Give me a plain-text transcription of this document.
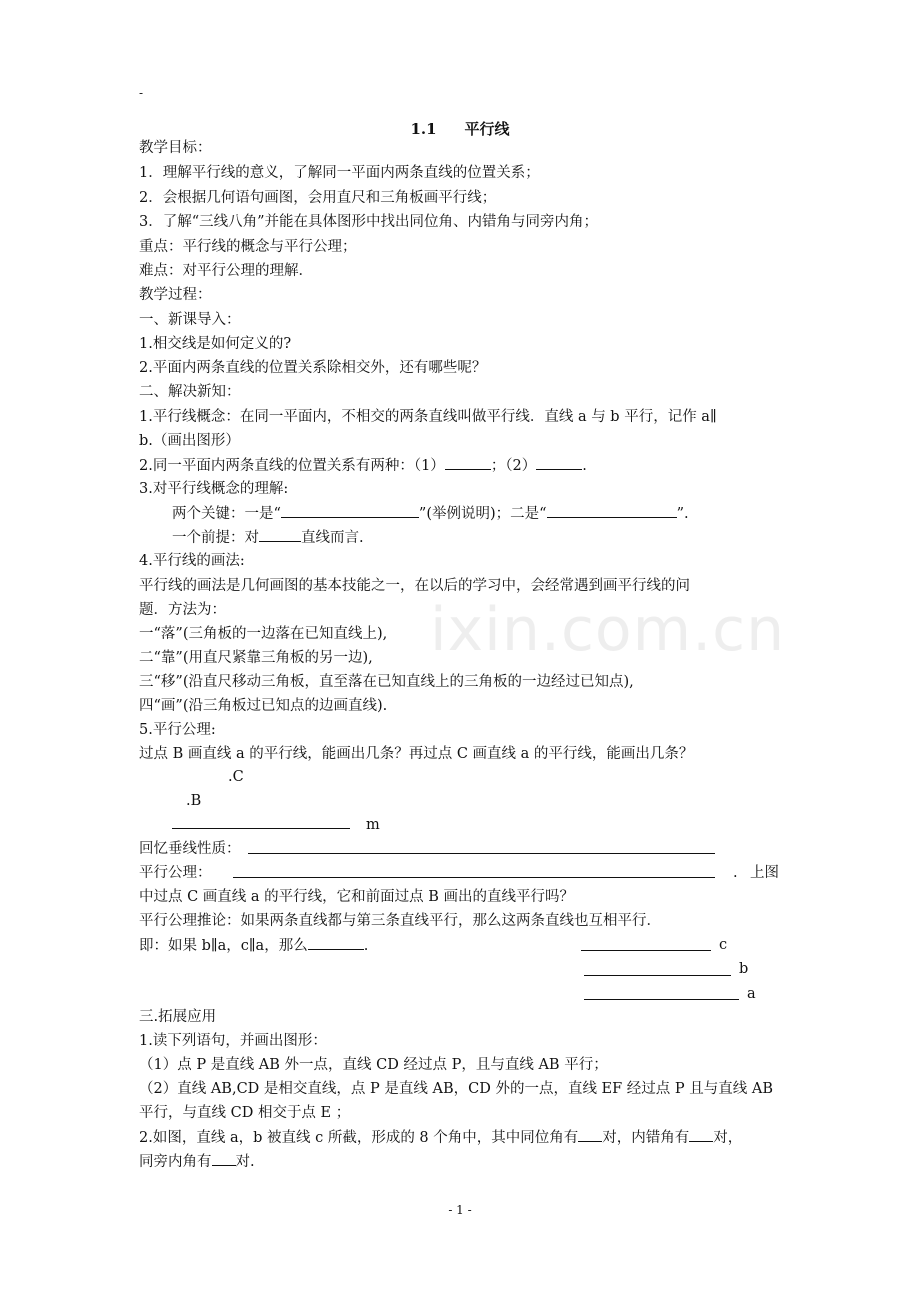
-
ixin.com.cn
1.1 平行线
教学目标：
1．理解平行线的意义，了解同一平面内两条直线的位置关系；
2．会根据几何语句画图，会用直尺和三角板画平行线；
3．了解“三线八角”并能在具体图形中找出同位角、内错角与同旁内角；
重点：平行线的概念与平行公理；
难点：对平行公理的理解．
教学过程：
一、新课导入：
1.相交线是如何定义的?
2.平面内两条直线的位置关系除相交外，还有哪些呢？
二、解决新知：
1.平行线概念：在同一平面内，不相交的两条直线叫做平行线．直线 a 与 b 平行，记作 a∥
b.（画出图形）
2.同一平面内两条直线的位置关系有两种：（1）	；（2）	.
3.对平行线概念的理解:
两个关键：一是“	”(举例说明)；二是“	”.
一个前提：对	直线而言.
4.平行线的画法:
平行线的画法是几何画图的基本技能之一，在以后的学习中，会经常遇到画平行线的问
题．方法为：
一“落”(三角板的一边落在已知直线上),
二“靠”(用直尺紧靠三角板的另一边),
三“移”(沿直尺移动三角板，直至落在已知直线上的三角板的一边经过已知点),
四“画”(沿三角板过已知点的边画直线).
5.平行公理:
过点 B 画直线 a 的平行线，能画出几条？再过点 C 画直线 a 的平行线，能画出几条？
.C
.B
m
回忆垂线性质：
平行公理：	. 上图
中过点 C 画直线 a 的平行线，它和前面过点 B 画出的直线平行吗？
平行公理推论：如果两条直线都与第三条直线平行，那么这两条直线也互相平行．
即：如果 b∥a，c∥a，那么	.	c
b
a
三.拓展应用
1.读下列语句，并画出图形：
（1）点 P 是直线 AB 外一点，直线 CD 经过点 P，且与直线 AB 平行；
（2）直线 AB,CD 是相交直线，点 P 是直线 AB，CD 外的一点，直线 EF 经过点 P 且与直线 AB
平行，与直线 CD 相交于点 E ；
2.如图，直线 a，b 被直线 c 所截，形成的 8 个角中，其中同位角有 对，内错角有 对，
同旁内角有 对.
- 1 -
